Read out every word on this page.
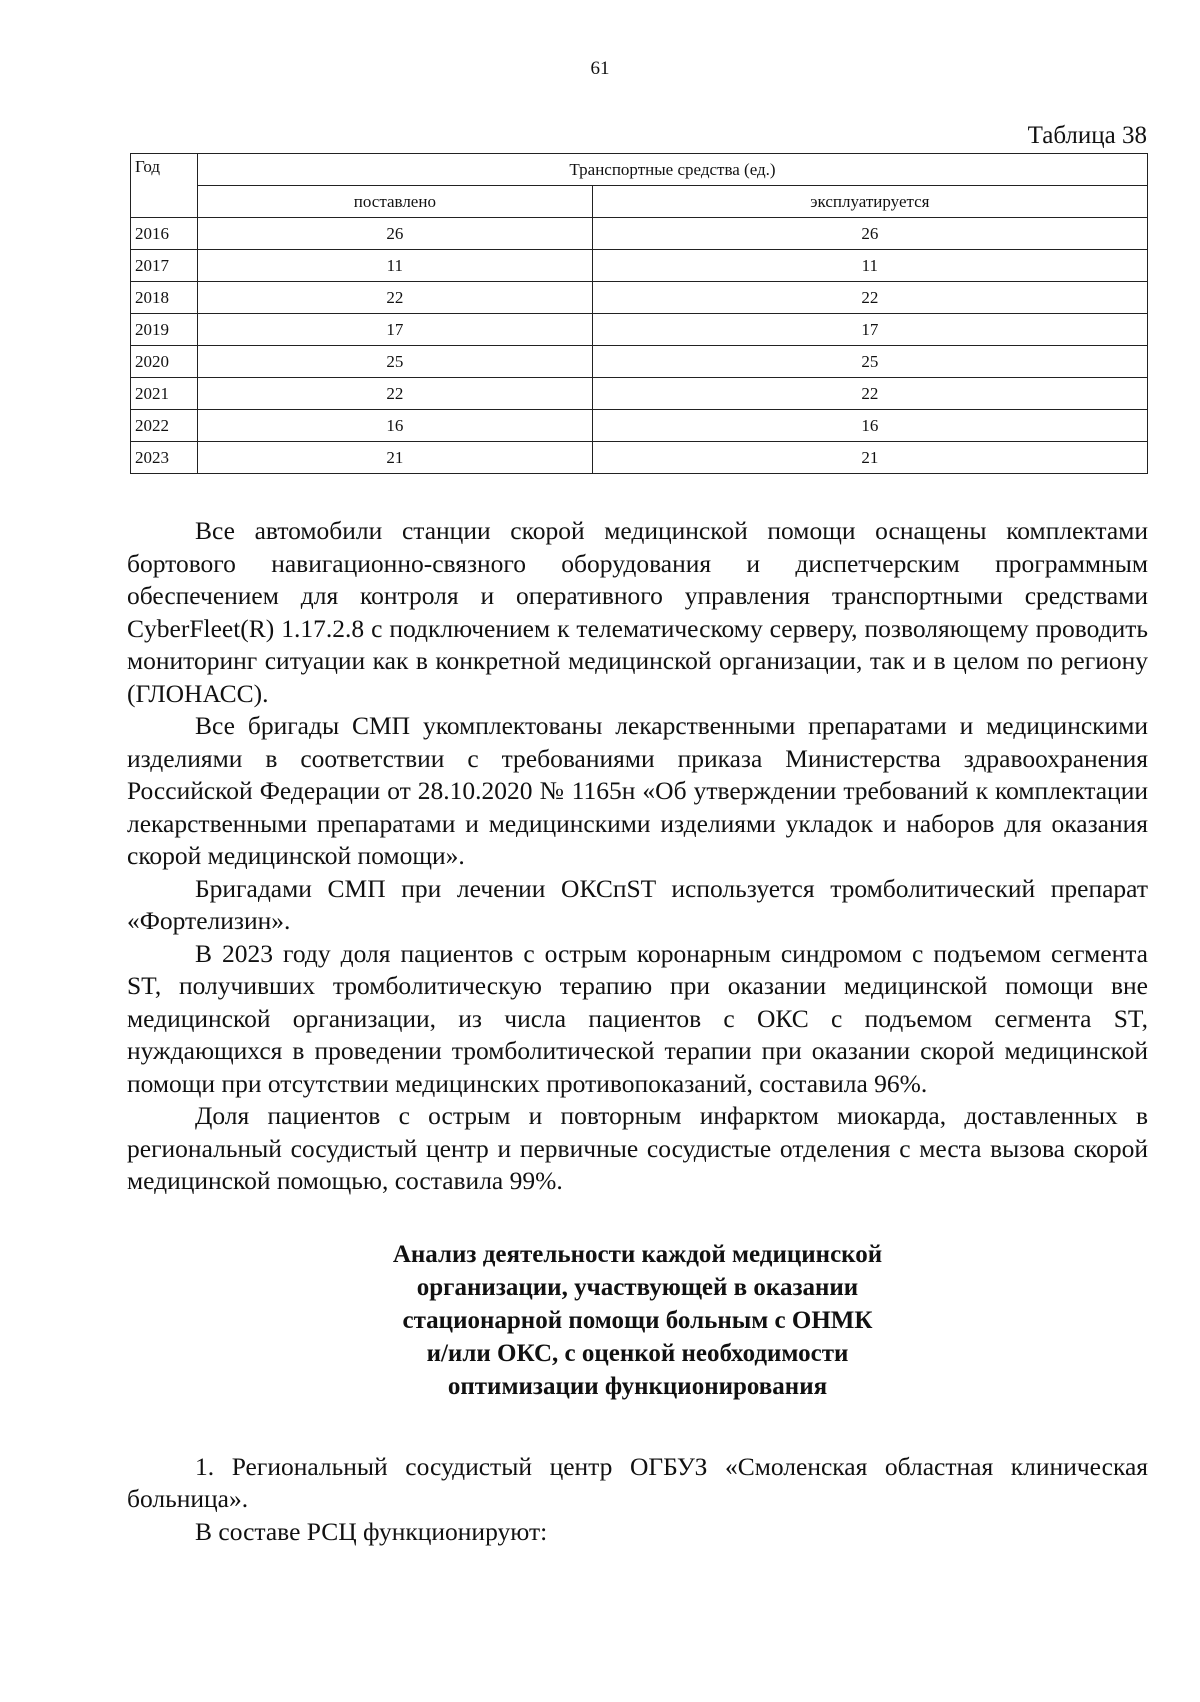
61
Таблица 38
Год	Транспортные средства (ед.)	
	поставлено	эксплуатируется
2016	26	26
2017	11	11
2018	22	22
2019	17	17
2020	25	25
2021	22	22
2022	16	16
2023	21	21

Все автомобили станции скорой медицинской помощи оснащены комплектами бортового навигационно-связного оборудования и диспетчерским программным обеспечением для контроля и оперативного управления транспортными средствами CyberFleet(R) 1.17.2.8 с подключением к телематическому серверу, позволяющему проводить мониторинг ситуации как в конкретной медицинской организации, так и в целом по региону (ГЛОНАСС).

Все бригады СМП укомплектованы лекарственными препаратами и медицинскими изделиями в соответствии с требованиями приказа Министерства здравоохранения Российской Федерации от 28.10.2020 № 1165н «Об утверждении требований к комплектации лекарственными препаратами и медицинскими изделиями укладок и наборов для оказания скорой медицинской помощи».

Бригадами СМП при лечении ОКСпST используется тромболитический препарат «Фортелизин».

В 2023 году доля пациентов с острым коронарным синдромом с подъемом сегмента ST, получивших тромболитическую терапию при оказании медицинской помощи вне медицинской организации, из числа пациентов с ОКС с подъемом сегмента ST, нуждающихся в проведении тромболитической терапии при оказании скорой медицинской помощи при отсутствии медицинских противопоказаний, составила 96%.

Доля пациентов с острым и повторным инфарктом миокарда, доставленных в региональный сосудистый центр и первичные сосудистые отделения с места вызова скорой медицинской помощью, составила 99%.

Анализ деятельности каждой медицинской
организации, участвующей в оказании
стационарной помощи больным с ОНМК
и/или ОКС, с оценкой необходимости
оптимизации функционирования

1. Региональный сосудистый центр ОГБУЗ «Смоленская областная клиническая больница».

В составе РСЦ функционируют:
